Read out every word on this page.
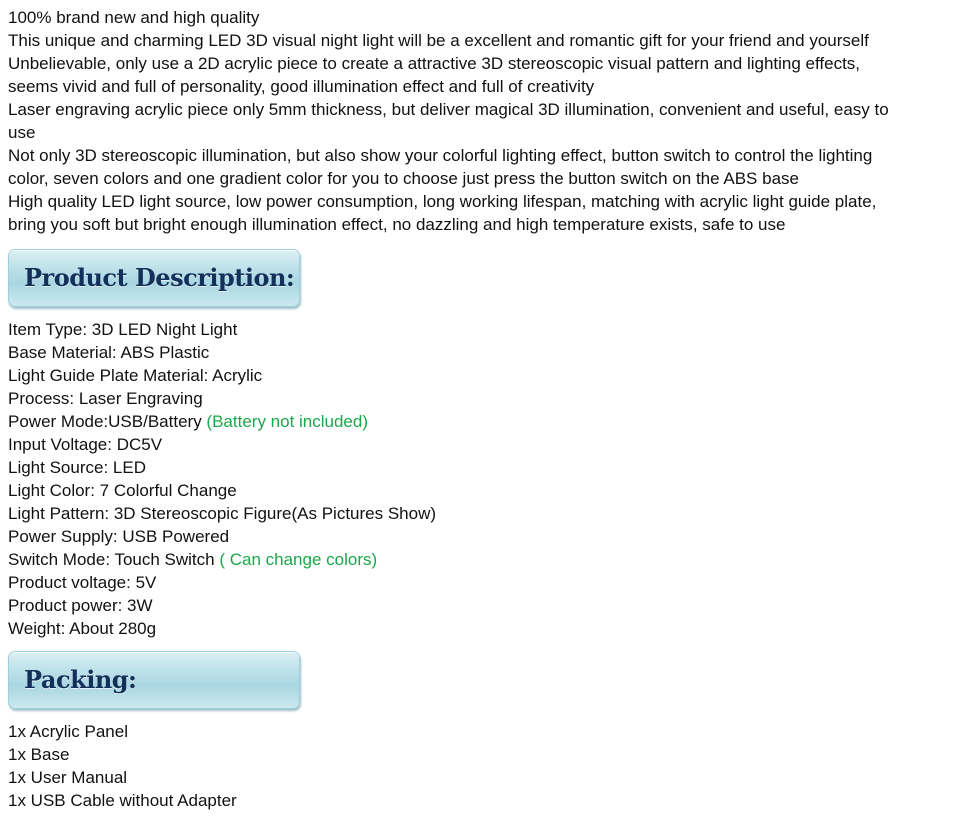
100% brand new and high quality

This unique and charming LED 3D visual night light will be a excellent and romantic gift for your friend and yourself

Unbelievable, only use a 2D acrylic piece to create a attractive 3D stereoscopic visual pattern and lighting effects,

seems vivid and full of personality, good illumination effect and full of creativity

Laser engraving acrylic piece only 5mm thickness, but deliver magical 3D illumination, convenient and useful, easy to

use

Not only 3D stereoscopic illumination, but also show your colorful lighting effect, button switch to control the lighting

color, seven colors and one gradient color for you to choose just press the button switch on the ABS base

High quality LED light source, low power consumption, long working lifespan, matching with acrylic light guide plate,

bring you soft but bright enough illumination effect, no dazzling and high temperature exists, safe to use

Product Description:

Item Type: 3D LED Night Light

Base Material: ABS Plastic

Light Guide Plate Material: Acrylic

Process: Laser Engraving

Power Mode:USB/Battery (Battery not included)

Input Voltage: DC5V

Light Source: LED

Light Color: 7 Colorful Change

Light Pattern: 3D Stereoscopic Figure(As Pictures Show)

Power Supply: USB Powered

Switch Mode: Touch Switch ( Can change colors)

Product voltage: 5V

Product power: 3W

Weight: About 280g

Packing:

1x Acrylic Panel

1x Base

1x User Manual

1x USB Cable without Adapter
